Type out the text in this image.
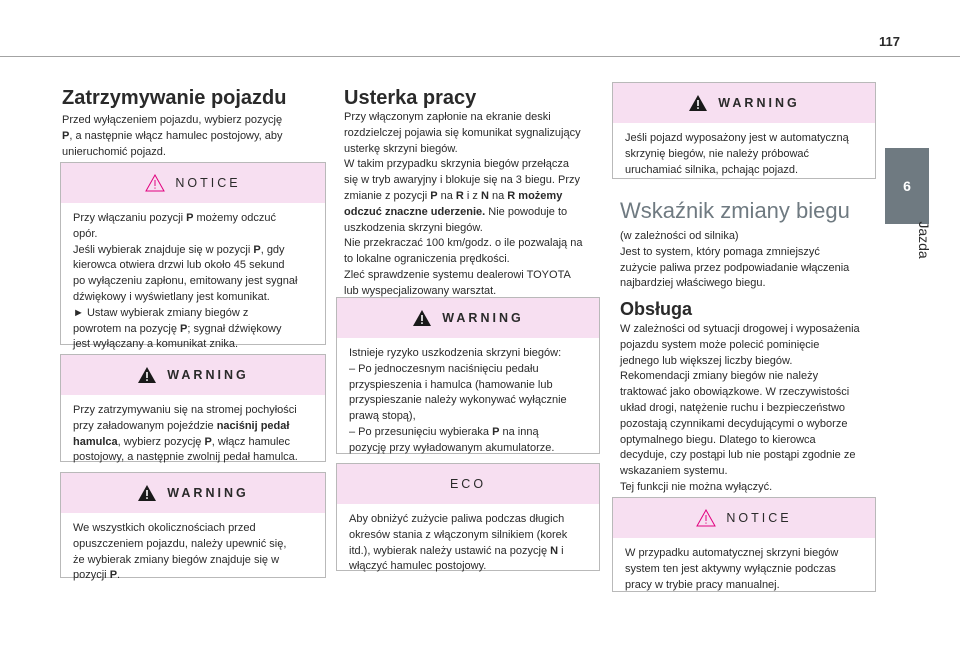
117
6
Jazda
Zatrzymywanie pojazdu
Przed wyłączeniem pojazdu, wybierz pozycję
P, a następnie włącz hamulec postojowy, aby
unieruchomić pojazd.
NOTICE
Przy włączaniu pozycji P możemy odczuć
opór.
Jeśli wybierak znajduje się w pozycji P, gdy
kierowca otwiera drzwi lub około 45 sekund
po wyłączeniu zapłonu, emitowany jest sygnał
dźwiękowy i wyświetlany jest komunikat.
► Ustaw wybierak zmiany biegów z
powrotem na pozycję P; sygnał dźwiękowy
jest wyłączany a komunikat znika.
WARNING
Przy zatrzymywaniu się na stromej pochyłości
przy załadowanym pojeździe naciśnij pedał
hamulca, wybierz pozycję P, włącz hamulec
postojowy, a następnie zwolnij pedał hamulca.
WARNING
We wszystkich okolicznościach przed
opuszczeniem pojazdu, należy upewnić się,
że wybierak zmiany biegów znajduje się w
pozycji P.
Usterka pracy
Przy włączonym zapłonie na ekranie deski
rozdzielczej pojawia się komunikat sygnalizujący
usterkę skrzyni biegów.
W takim przypadku skrzynia biegów przełącza
się w tryb awaryjny i blokuje się na 3 biegu. Przy
zmianie z pozycji P na R i z N na R możemy
odczuć znaczne uderzenie. Nie powoduje to
uszkodzenia skrzyni biegów.
Nie przekraczać 100 km/godz. o ile pozwalają na
to lokalne ograniczenia prędkości.
Zleć sprawdzenie systemu dealerowi TOYOTA
lub wyspecjalizowany warsztat.
WARNING
Istnieje ryzyko uszkodzenia skrzyni biegów:
– Po jednoczesnym naciśnięciu pedału
przyspieszenia i hamulca (hamowanie lub
przyspieszanie należy wykonywać wyłącznie
prawą stopą),
– Po przesunięciu wybieraka P na inną
pozycję przy wyładowanym akumulatorze.
ECO
Aby obniżyć zużycie paliwa podczas długich
okresów stania z włączonym silnikiem (korek
itd.), wybierak należy ustawić na pozycję N i
włączyć hamulec postojowy.
WARNING
Jeśli pojazd wyposażony jest w automatyczną
skrzynię biegów, nie należy próbować
uruchamiać silnika, pchając pojazd.
Wskaźnik zmiany biegu
(w zależności od silnika)
Jest to system, który pomaga zmniejszyć
zużycie paliwa przez podpowiadanie włączenia
najbardziej właściwego biegu.
Obsługa
W zależności od sytuacji drogowej i wyposażenia
pojazdu system może polecić pominięcie
jednego lub większej liczby biegów.
Rekomendacji zmiany biegów nie należy
traktować jako obowiązkowe. W rzeczywistości
układ drogi, natężenie ruchu i bezpieczeństwo
pozostają czynnikami decydującymi o wyborze
optymalnego biegu. Dlatego to kierowca
decyduje, czy postąpi lub nie postąpi zgodnie ze
wskazaniem systemu.
Tej funkcji nie można wyłączyć.
NOTICE
W przypadku automatycznej skrzyni biegów
system ten jest aktywny wyłącznie podczas
pracy w trybie pracy manualnej.
